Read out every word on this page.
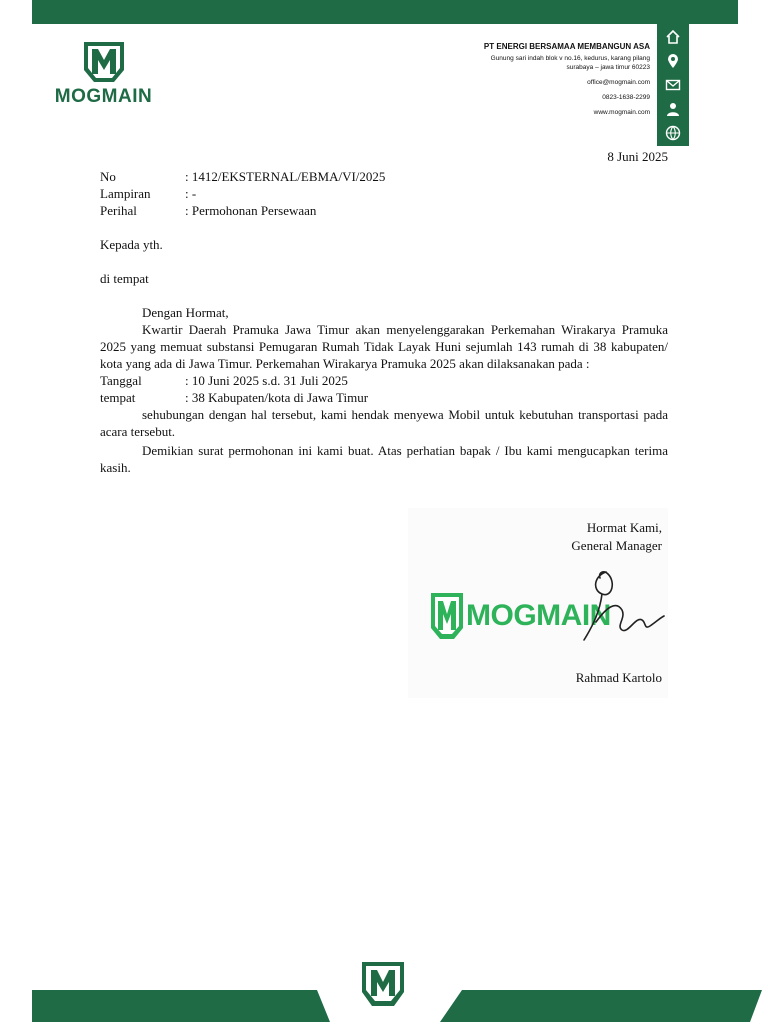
MOGMAIN
PT ENERGI BERSAMAA MEMBANGUN ASA
Gunung sari indah blok v no.16, kedurus, karang pilang
surabaya – jawa timur 60223
office@mogmain.com
0823-1638-2299
www.mogmain.com
8 Juni 2025
No	: 1412/EKSTERNAL/EBMA/VI/2025
Lampiran	: -
Perihal	: Permohonan Persewaan

Kepada yth.

di tempat

Dengan Hormat,

Kwartir Daerah Pramuka Jawa Timur akan menyelenggarakan Perkemahan Wirakarya Pramuka 2025 yang memuat substansi Pemugaran Rumah Tidak Layak Huni sejumlah 143 rumah di 38 kabupaten/ kota yang ada di Jawa Timur. Perkemahan Wirakarya Pramuka 2025 akan dilaksanakan pada :

Tanggal	: 10 Juni 2025 s.d. 31 Juli 2025
tempat	: 38 Kabupaten/kota di Jawa Timur

sehubungan dengan hal tersebut, kami hendak menyewa Mobil untuk kebutuhan transportasi pada acara tersebut.

Demikian surat permohonan ini kami buat. Atas perhatian bapak / Ibu kami mengucapkan terima kasih.

Hormat Kami,
General Manager
MOGMAIN
Rahmad Kartolo
